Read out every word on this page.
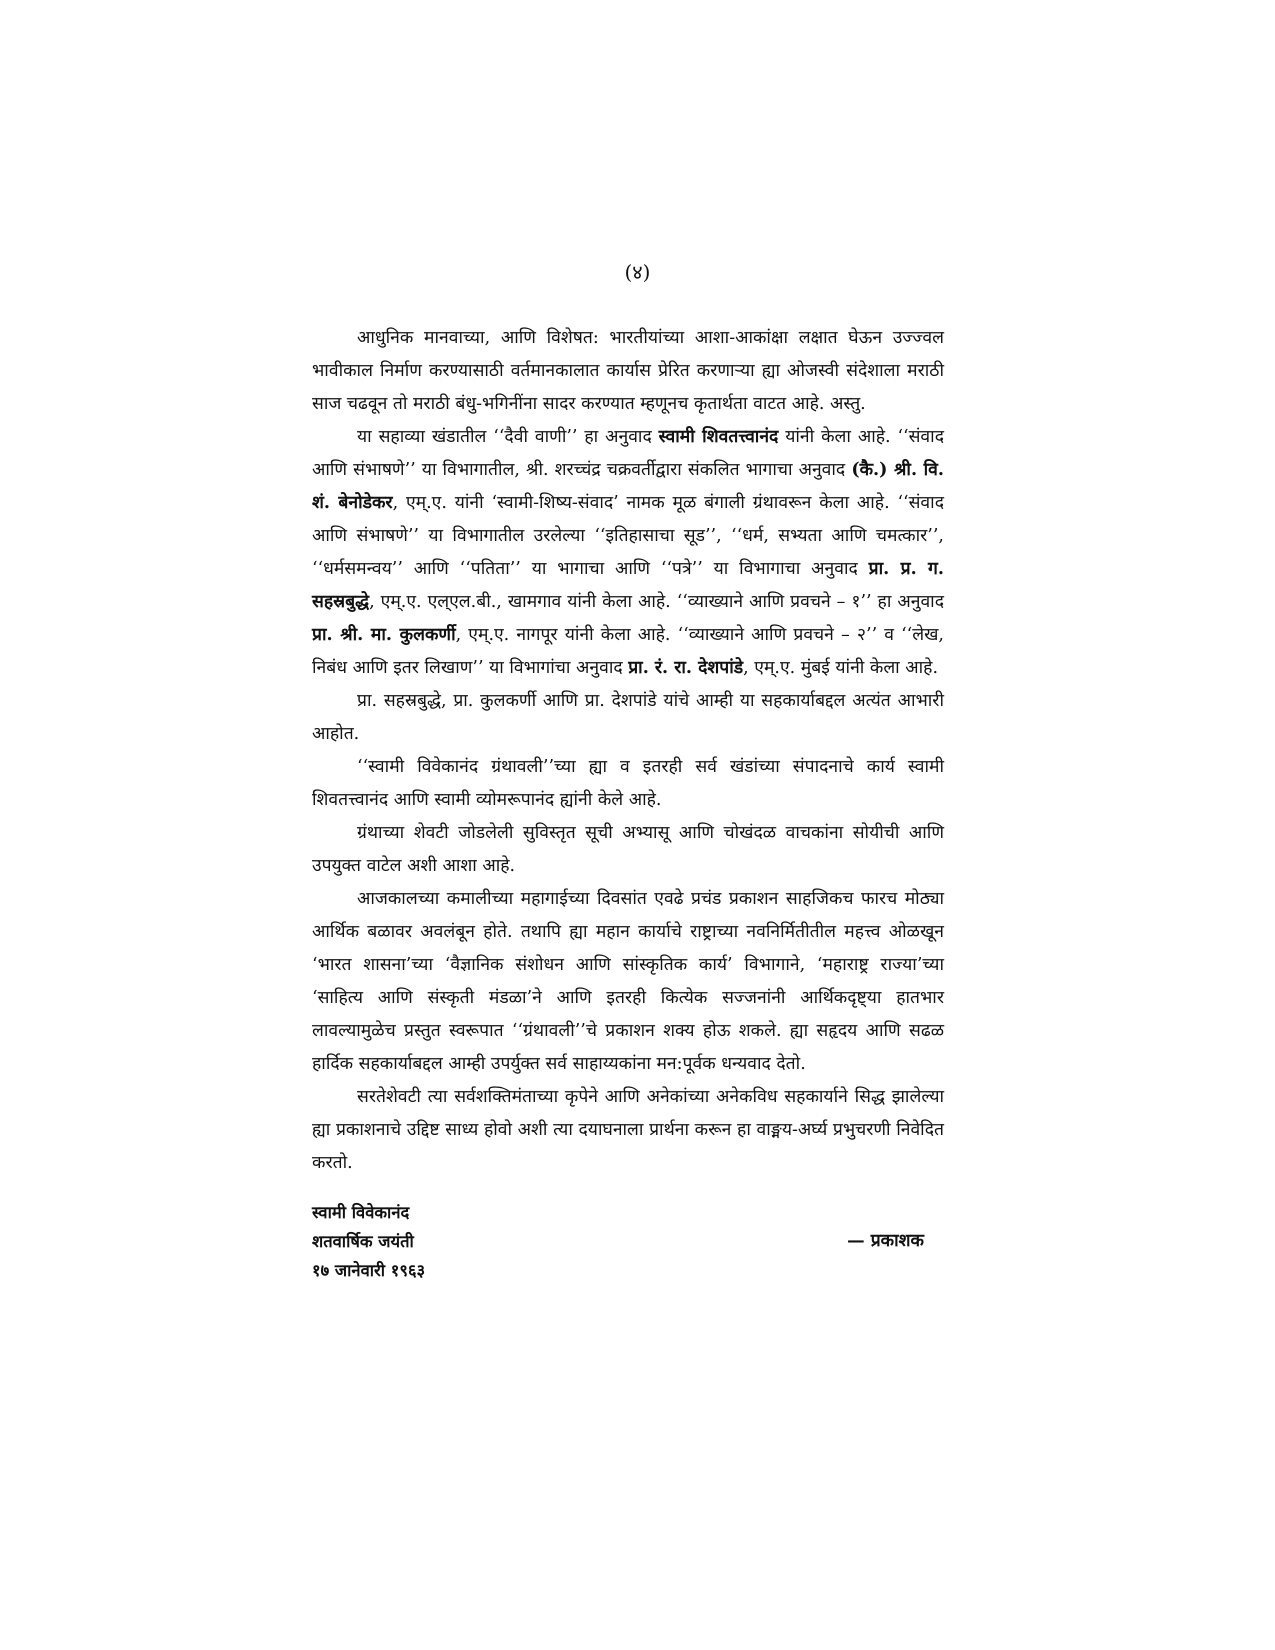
(४)

आधुनिक मानवाच्या, आणि विशेषत: भारतीयांच्या आशा-आकांक्षा लक्षात घेऊन उज्ज्वल भावीकाल निर्माण करण्यासाठी वर्तमानकालात कार्यास प्रेरित करणाऱ्या ह्या ओजस्वी संदेशाला मराठी साज चढवून तो मराठी बंधु-भगिनींना सादर करण्यात म्हणूनच कृतार्थता वाटत आहे. अस्तु.

या सहाव्या खंडातील ‘‘दैवी वाणी’’ हा अनुवाद स्वामी शिवतत्त्वानंद यांनी केला आहे. ‘‘संवाद आणि संभाषणे’’ या विभागातील, श्री. शरच्चंद्र चक्रवर्तीद्वारा संकलित भागाचा अनुवाद (कै.) श्री. वि. शं. बेनोडेकर, एम्.ए. यांनी ‘स्वामी-शिष्य-संवाद’ नामक मूळ बंगाली ग्रंथावरून केला आहे. ‘‘संवाद आणि संभाषणे’’ या विभागातील उरलेल्या ‘‘इतिहासाचा सूड’’, ‘‘धर्म, सभ्यता आणि चमत्कार’’, ‘‘धर्मसमन्वय’’ आणि ‘‘पतिता’’ या भागाचा आणि ‘‘पत्रे’’ या विभागाचा अनुवाद प्रा. प्र. ग. सहस्रबुद्धे, एम्.ए. एल्एल.बी., खामगाव यांनी केला आहे. ‘‘व्याख्याने आणि प्रवचने – १’’ हा अनुवाद प्रा. श्री. मा. कुलकर्णी, एम्.ए. नागपूर यांनी केला आहे. ‘‘व्याख्याने आणि प्रवचने – २’’ व ‘‘लेख, निबंध आणि इतर लिखाण’’ या विभागांचा अनुवाद प्रा. रं. रा. देशपांडे, एम्.ए. मुंबई यांनी केला आहे.

प्रा. सहस्रबुद्धे, प्रा. कुलकर्णी आणि प्रा. देशपांडे यांचे आम्ही या सहकार्याबद्दल अत्यंत आभारी आहोत.

‘‘स्वामी विवेकानंद ग्रंथावली’’च्या ह्या व इतरही सर्व खंडांच्या संपादनाचे कार्य स्वामी शिवतत्त्वानंद आणि स्वामी व्योमरूपानंद ह्यांनी केले आहे.

ग्रंथाच्या शेवटी जोडलेली सुविस्तृत सूची अभ्यासू आणि चोखंदळ वाचकांना सोयीची आणि उपयुक्त वाटेल अशी आशा आहे.

आजकालच्या कमालीच्या महागाईच्या दिवसांत एवढे प्रचंड प्रकाशन साहजिकच फारच मोठ्या आर्थिक बळावर अवलंबून होते. तथापि ह्या महान कार्याचे राष्ट्राच्या नवनिर्मितीतील महत्त्व ओळखून ‘भारत शासना’च्या ‘वैज्ञानिक संशोधन आणि सांस्कृतिक कार्य’ विभागाने, ‘महाराष्ट्र राज्या’च्या ‘साहित्य आणि संस्कृती मंडळा’ने आणि इतरही कित्येक सज्जनांनी आर्थिकदृष्ट्या हातभार लावल्यामुळेच प्रस्तुत स्वरूपात ‘‘ग्रंथावली’’चे प्रकाशन शक्य होऊ शकले. ह्या सहृदय आणि सढळ हार्दिक सहकार्याबद्दल आम्ही उपर्युक्त सर्व साहाय्यकांना मन:पूर्वक धन्यवाद देतो.

सरतेशेवटी त्या सर्वशक्तिमंताच्या कृपेने आणि अनेकांच्या अनेकविध सहकार्याने सिद्ध झालेल्या ह्या प्रकाशनाचे उद्दिष्ट साध्य होवो अशी त्या दयाघनाला प्रार्थना करून हा वाङ्मय-अर्घ्य प्रभुचरणी निवेदित करतो.

स्वामी विवेकानंद
शतवार्षिक जयंती
१७ जानेवारी १९६३
— प्रकाशक
